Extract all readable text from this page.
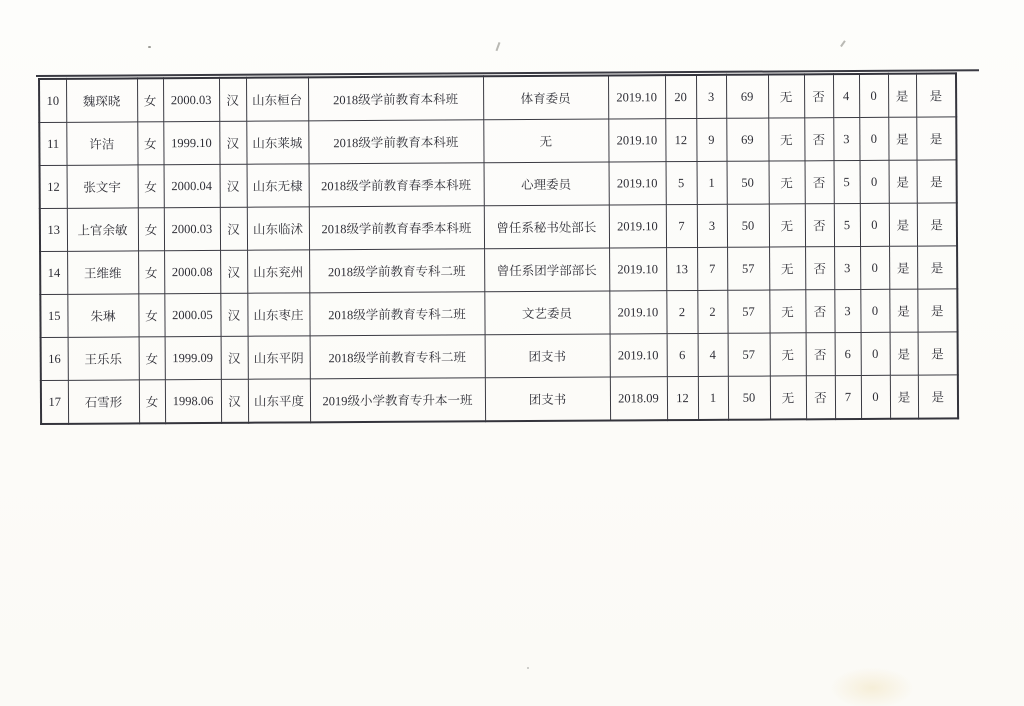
10	魏琛晓	女	2000.03	汉	山东桓台	2018级学前教育本科班	体育委员	2019.10	20	3	69	无	否	4	0	是	是
11	许洁	女	1999.10	汉	山东莱城	2018级学前教育本科班	无	2019.10	12	9	69	无	否	3	0	是	是
12	张文宇	女	2000.04	汉	山东无棣	2018级学前教育春季本科班	心理委员	2019.10	5	1	50	无	否	5	0	是	是
13	上官余敏	女	2000.03	汉	山东临沭	2018级学前教育春季本科班	曾任系秘书处部长	2019.10	7	3	50	无	否	5	0	是	是
14	王维维	女	2000.08	汉	山东兖州	2018级学前教育专科二班	曾任系团学部部长	2019.10	13	7	57	无	否	3	0	是	是
15	朱琳	女	2000.05	汉	山东枣庄	2018级学前教育专科二班	文艺委员	2019.10	2	2	57	无	否	3	0	是	是
16	王乐乐	女	1999.09	汉	山东平阴	2018级学前教育专科二班	团支书	2019.10	6	4	57	无	否	6	0	是	是
17	石雪形	女	1998.06	汉	山东平度	2019级小学教育专升本一班	团支书	2018.09	12	1	50	无	否	7	0	是	是
